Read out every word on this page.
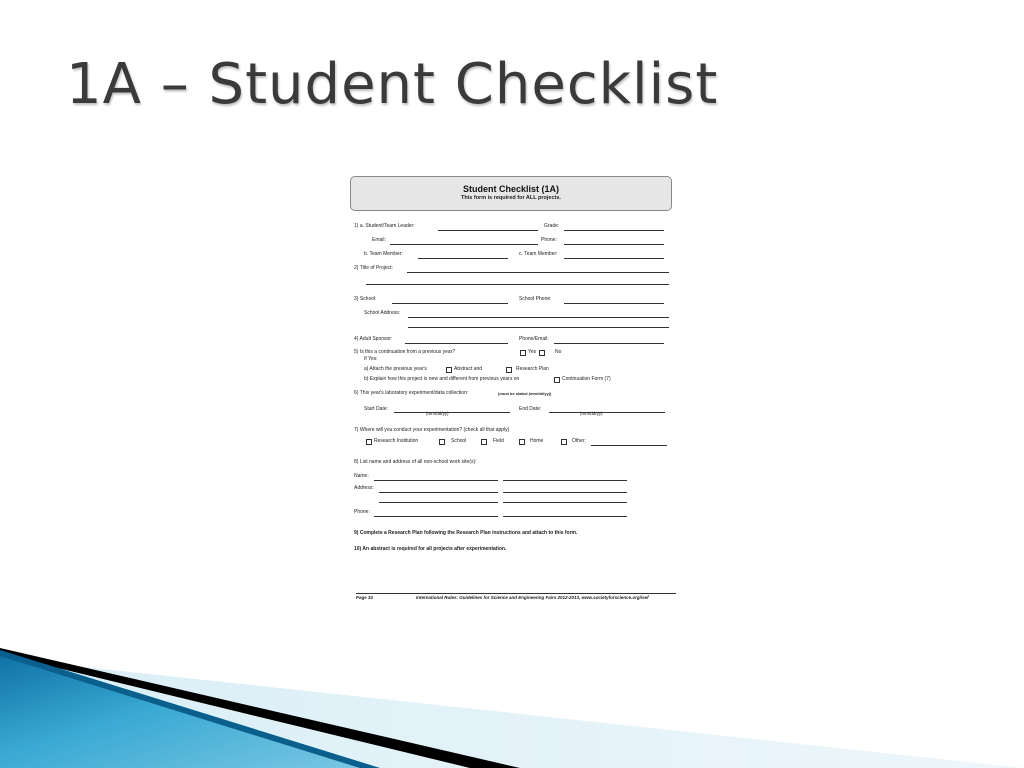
1A – Student Checklist
Student Checklist (1A)
This form is required for ALL projects.
1) a. Student/Team Leader:	Grade:
Email:	Phone:
b. Team Member:	c. Team Member:
2) Title of Project:
3) School:	School Phone:
School Address:
4) Adult Sponsor:	Phone/Email:
5) Is this a continuation from a previous year?	Yes	No
If Yes:
a) Attach the previous year's	Abstract and	Research Plan
b) Explain how this project is new and different from previous years on	Continuation Form (7)
6) This year's laboratory experiment/data collection:	(must be stated (mm/dd/yy))
Start Date:
(mm/dd/yy)
End Date:
(mm/dd/yy)
7) Where will you conduct your experimentation? (check all that apply)
Research Institution	School	Field	Home	Other:
8) List name and address of all non-school work site(s):
Name:
Address:
Phone:
9) Complete a Research Plan following the Research Plan instructions and attach to this form.
10) An abstract is required for all projects after experimentation.
Page 32	International Rules: Guidelines for Science and Engineering Fairs 2012-2013, www.societyforscience.org/isef
